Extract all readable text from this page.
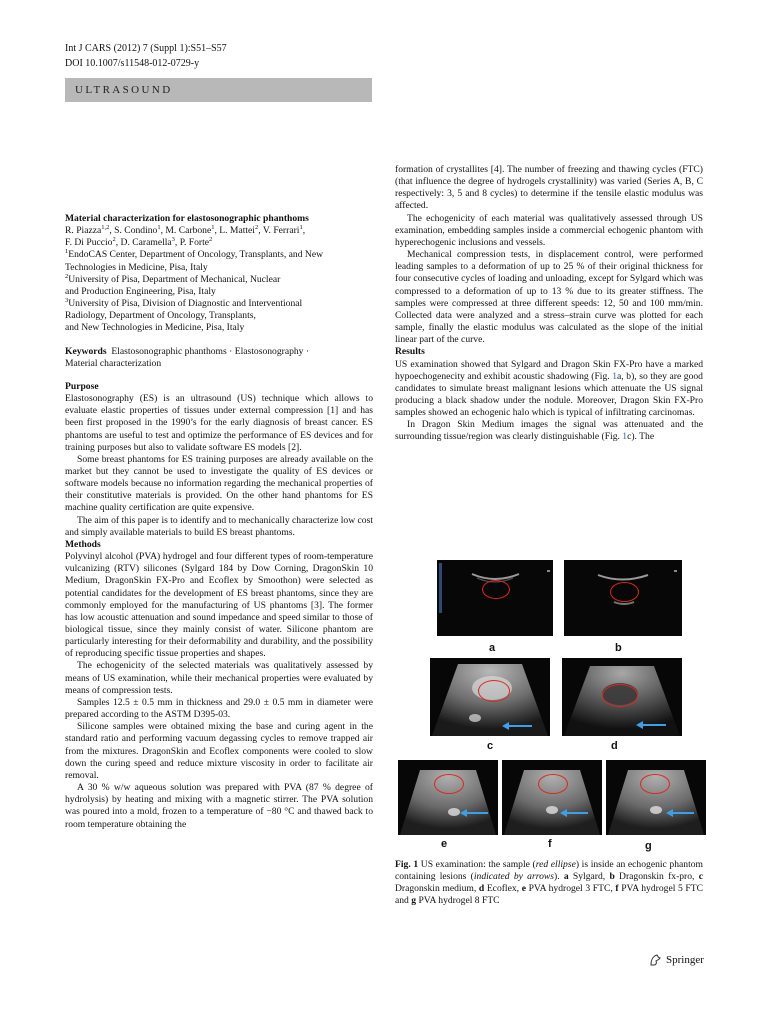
Int J CARS (2012) 7 (Suppl 1):S51–S57
DOI 10.1007/s11548-012-0729-y
ULTRASOUND

Material characterization for elastosonographic phanthoms

R. Piazza$^{1,2}$, S. Condino$^1$, M. Carbone$^1$, L. Mattei$^2$, V. Ferrari$^1$,
F. Di Puccio$^2$, D. Caramella$^3$, P. Forte$^2$

$^1$EndoCAS Center, Department of Oncology, Transplants, and New
Technologies in Medicine, Pisa, Italy

$^2$University of Pisa, Department of Mechanical, Nuclear
and Production Engineering, Pisa, Italy

$^3$University of Pisa, Division of Diagnostic and Interventional
Radiology, Department of Oncology, Transplants,
and New Technologies in Medicine, Pisa, Italy

Keywords Elastosonographic phanthoms · Elastosonography ·
Material characterization

Purpose

Elastosonography (ES) is an ultrasound (US) technique which allows to evaluate elastic properties of tissues under external compression [1] and has been first proposed in the 1990’s for the early diagnosis of breast cancer. ES phantoms are useful to test and optimize the performance of ES devices and for training purposes but also to validate software ES models [2].

Some breast phantoms for ES training purposes are already available on the market but they cannot be used to investigate the quality of ES devices or software models because no information regarding the mechanical properties of their constitutive materials is provided. On the other hand phantoms for ES machine quality certification are quite expensive.

The aim of this paper is to identify and to mechanically characterize low cost and simply available materials to build ES breast phantoms.

Methods

Polyvinyl alcohol (PVA) hydrogel and four different types of room-temperature vulcanizing (RTV) silicones (Sylgard 184 by Dow Corning, DragonSkin 10 Medium, DragonSkin FX-Pro and Ecoflex by Smoothon) were selected as potential candidates for the development of ES breast phantoms, since they are commonly employed for the manufacturing of US phantoms [3]. The former has low acoustic attenuation and sound impedance and speed similar to those of biological tissue, since they mainly consist of water. Silicone phantom are particularly interesting for their deformability and durability, and the possibility of reproducing specific tissue properties and shapes.

The echogenicity of the selected materials was qualitatively assessed by means of US examination, while their mechanical properties were evaluated by means of compression tests.

Samples 12.5 ± 0.5 mm in thickness and 29.0 ± 0.5 mm in diameter were prepared according to the ASTM D395-03.

Silicone samples were obtained mixing the base and curing agent in the standard ratio and performing vacuum degassing cycles to remove trapped air from the mixtures. DragonSkin and Ecoflex components were cooled to slow down the curing speed and reduce mixture viscosity in order to facilitate air removal.

A 30 % w/w aqueous solution was prepared with PVA (87 % degree of hydrolysis) by heating and mixing with a magnetic stirrer. The PVA solution was poured into a mold, frozen to a temperature of −80 °C and thawed back to room temperature obtaining the

formation of crystallites [4]. The number of freezing and thawing cycles (FTC) (that influence the degree of hydrogels crystallinity) was varied (Series A, B, C respectively: 3, 5 and 8 cycles) to determine if the tensile elastic modulus was affected.

The echogenicity of each material was qualitatively assessed through US examination, embedding samples inside a commercial echogenic phantom with hyperechogenic inclusions and vessels.

Mechanical compression tests, in displacement control, were performed leading samples to a deformation of up to 25 % of their original thickness for four consecutive cycles of loading and unloading, except for Sylgard which was compressed to a deformation of up to 13 % due to its greater stiffness. The samples were compressed at three different speeds: 12, 50 and 100 mm/min. Collected data were analyzed and a stress–strain curve was plotted for each sample, finally the elastic modulus was calculated as the slope of the initial linear part of the curve.

Results

US examination showed that Sylgard and Dragon Skin FX-Pro have a marked hypoechogenecity and exhibit acoustic shadowing (Fig. 1a, b), so they are good candidates to simulate breast malignant lesions which attenuate the US signal producing a black shadow under the nodule. Moreover, Dragon Skin FX-Pro samples showed an echogenic halo which is typical of infiltrating carcinomas.

In Dragon Skin Medium images the signal was attenuated and the surrounding tissue/region was clearly distinguishable (Fig. 1c). The

a	b
c	d
e	f	g
Fig. 1 US examination: the sample (red ellipse) is inside an echogenic phantom containing lesions (indicated by arrows). a Sylgard, b Dragonskin fx-pro, c Dragonskin medium, d Ecoflex, e PVA hydrogel 3 FTC, f PVA hydrogel 5 FTC and g PVA hydrogel 8 FTC
Springer
